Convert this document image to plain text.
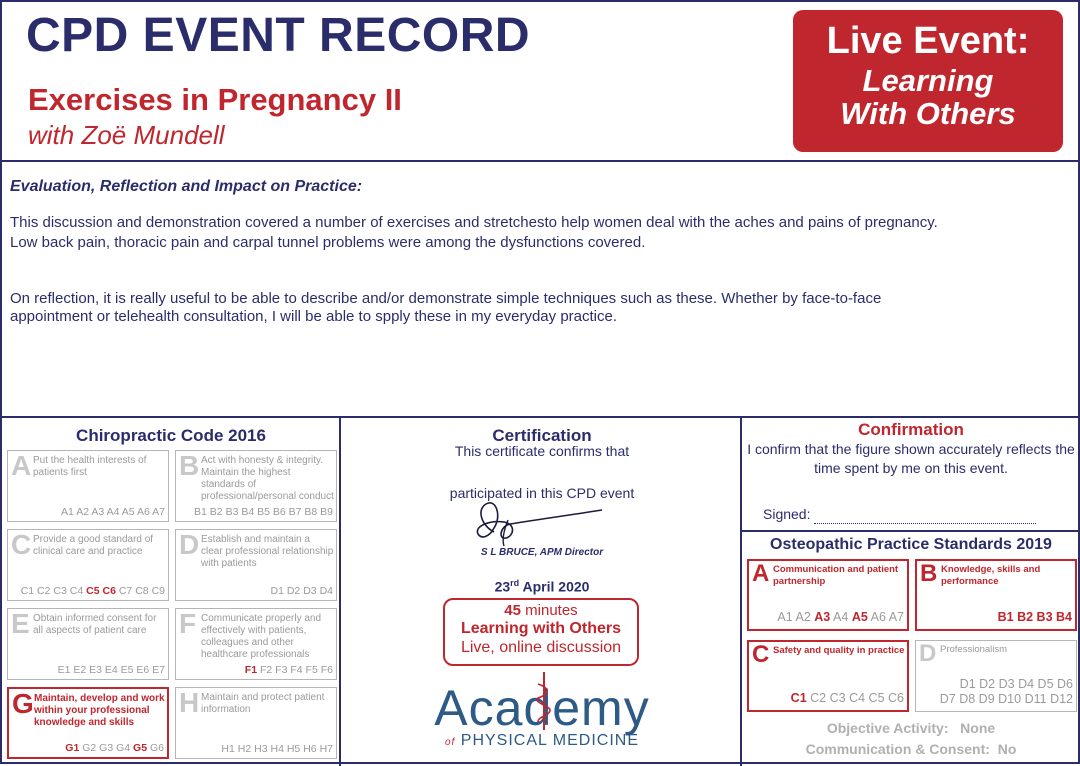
CPD EVENT RECORD
Exercises in Pregnancy II
with Zoë Mundell
Live Event:
Learning
With Others
Evaluation, Reflection and Impact on Practice:
This discussion and demonstration covered a number of exercises and stretchesto help women deal with the aches and pains of pregnancy.
Low back pain, thoracic pain and carpal tunnel problems were among the dysfunctions covered.
On reflection, it is really useful to be able to describe and/or demonstrate simple techniques such as these. Whether by face-to-face
appointment or telehealth consultation, I will be able to spply these in my everyday practice.
Chiropractic Code 2016
A Put the health interests of patients first
A1 A2 A3 A4 A5 A6 A7
B Act with honesty & integrity. Maintain the highest standards of professional/personal conduct
B1 B2 B3 B4 B5 B6 B7 B8 B9
C Provide a good standard of clinical care and practice
C1 C2 C3 C4 C5 C6 C7 C8 C9
D Establish and maintain a clear professional relationship with patients
D1 D2 D3 D4
E Obtain informed consent for all aspects of patient care
E1 E2 E3 E4 E5 E6 E7
F Communicate properly and effectively with patients, colleagues and other healthcare professionals
F1 F2 F3 F4 F5 F6
G Maintain, develop and work within your professional knowledge and skills
G1 G2 G3 G4 G5 G6
H Maintain and protect patient information
H1 H2 H3 H4 H5 H6 H7
Certification
This certificate confirms that
participated in this CPD event
S L BRUCE, APM Director
23rd April 2020
45 minutes
Learning with Others
Live, online discussion
Academy
of PHYSICAL MEDICINE
Confirmation
I confirm that the figure shown accurately reflects the time spent by me on this event.
Signed:
Osteopathic Practice Standards 2019
A Communication and patient partnership
A1 A2 A3 A4 A5 A6 A7
B Knowledge, skills and performance
B1 B2 B3 B4
C Safety and quality in practice
C1 C2 C3 C4 C5 C6
D Professionalism
D1 D2 D3 D4 D5 D6
D7 D8 D9 D10 D11 D12
Objective Activity: None
Communication & Consent: No
